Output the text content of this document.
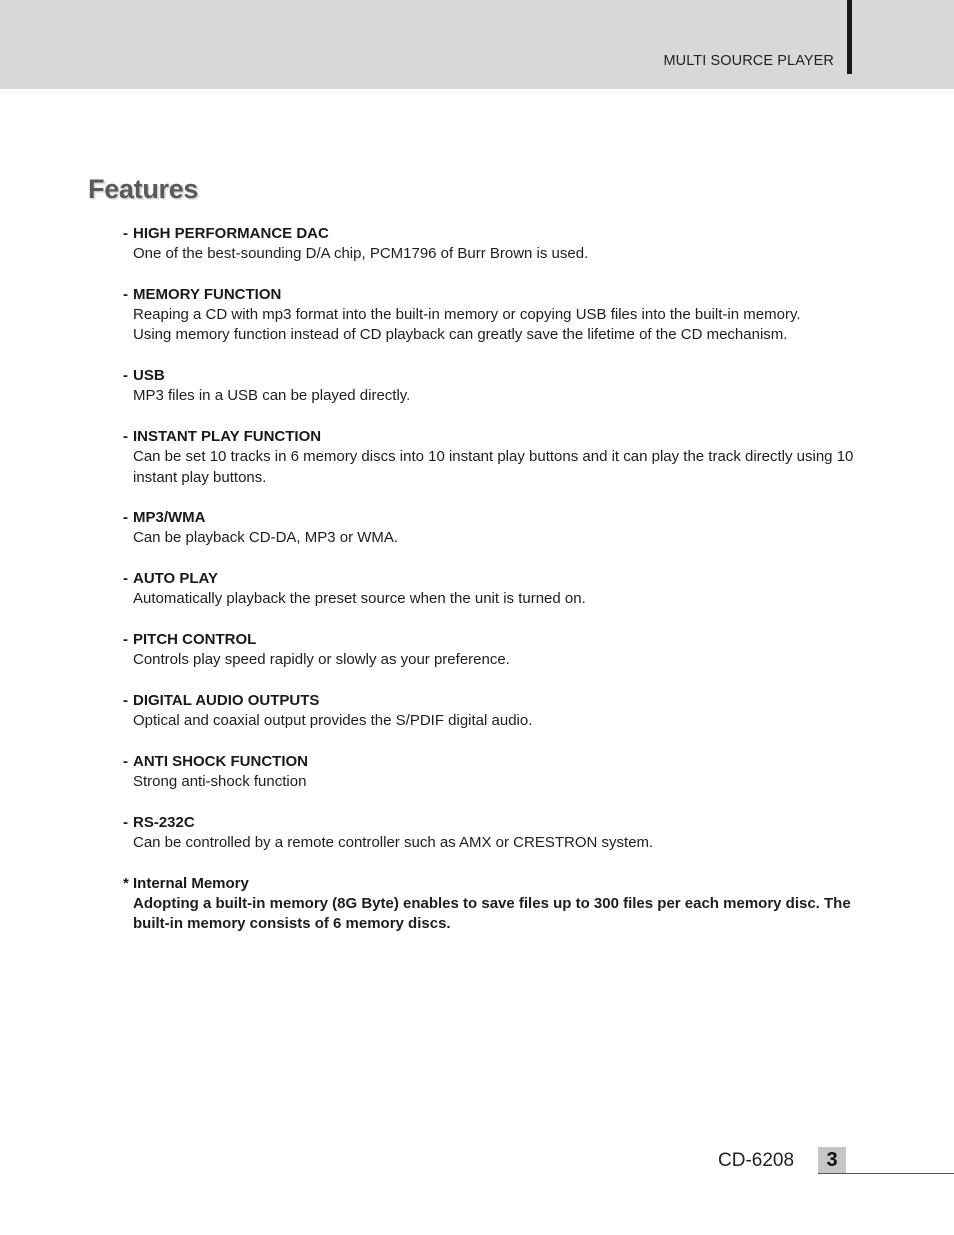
MULTI SOURCE PLAYER
Features
- HIGH PERFORMANCE DAC
One of the best-sounding D/A chip, PCM1796 of Burr Brown is used.
- MEMORY FUNCTION
Reaping a CD with mp3 format into the built-in memory or copying USB files into the built-in memory.
Using memory function instead of CD playback can greatly save the lifetime of the CD mechanism.
- USB
MP3 files in a USB can be played directly.
- INSTANT PLAY FUNCTION
Can be set 10 tracks in 6 memory discs into 10 instant play buttons and it can play the track directly using 10 instant play buttons.
- MP3/WMA
Can be playback CD-DA, MP3 or WMA.
- AUTO PLAY
Automatically playback the preset source when the unit is turned on.
- PITCH CONTROL
Controls play speed rapidly or slowly as your preference.
- DIGITAL AUDIO OUTPUTS
Optical and coaxial output provides the S/PDIF digital audio.
- ANTI SHOCK FUNCTION
Strong anti-shock function
- RS-232C
Can be controlled by a remote controller such as AMX or CRESTRON system.
* Internal Memory
Adopting a built-in memory (8G Byte) enables to save files up to 300 files per each memory disc. The built-in memory consists of 6 memory discs.
CD-6208	3
